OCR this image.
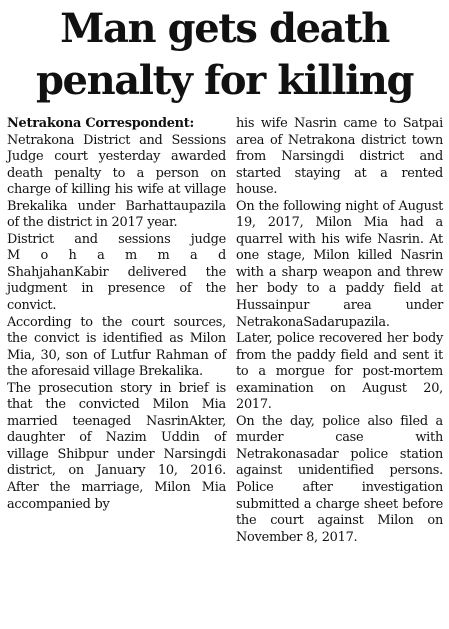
Man gets death
penalty for killing

Netrakona Correspondent:

Netrakona District and Sessions Judge court yesterday awarded death penalty to a person on charge of killing his wife at village Brekalika under Barhattaupazila of the district in 2017 year.

District and sessions judge

M o h a m m a d

ShahjahanKabir delivered the judgment in presence of the convict.

According to the court sources, the convict is identified as Milon Mia, 30, son of Lutfur Rahman of the aforesaid village Brekalika.

The prosecution story in brief is that the convicted Milon Mia married teenaged NasrinAkter, daughter of Nazim Uddin of village Shibpur under Narsingdi district, on January 10, 2016. After the marriage, Milon Mia accompanied by

his wife Nasrin came to Satpai area of Netrakona district town from Narsingdi district and started staying at a rented house.

On the following night of August 19, 2017, Milon Mia had a quarrel with his wife Nasrin. At one stage, Milon killed Nasrin with a sharp weapon and threw her body to a paddy field at Hussainpur area under NetrakonaSadarupazila.

Later, police recovered her body from the paddy field and sent it to a morgue for post-mortem examination on August 20, 2017.

On the day, police also filed a murder case with Netrakonasadar police station against unidentified persons. Police after investigation submitted a charge sheet before the court against Milon on November 8, 2017.
